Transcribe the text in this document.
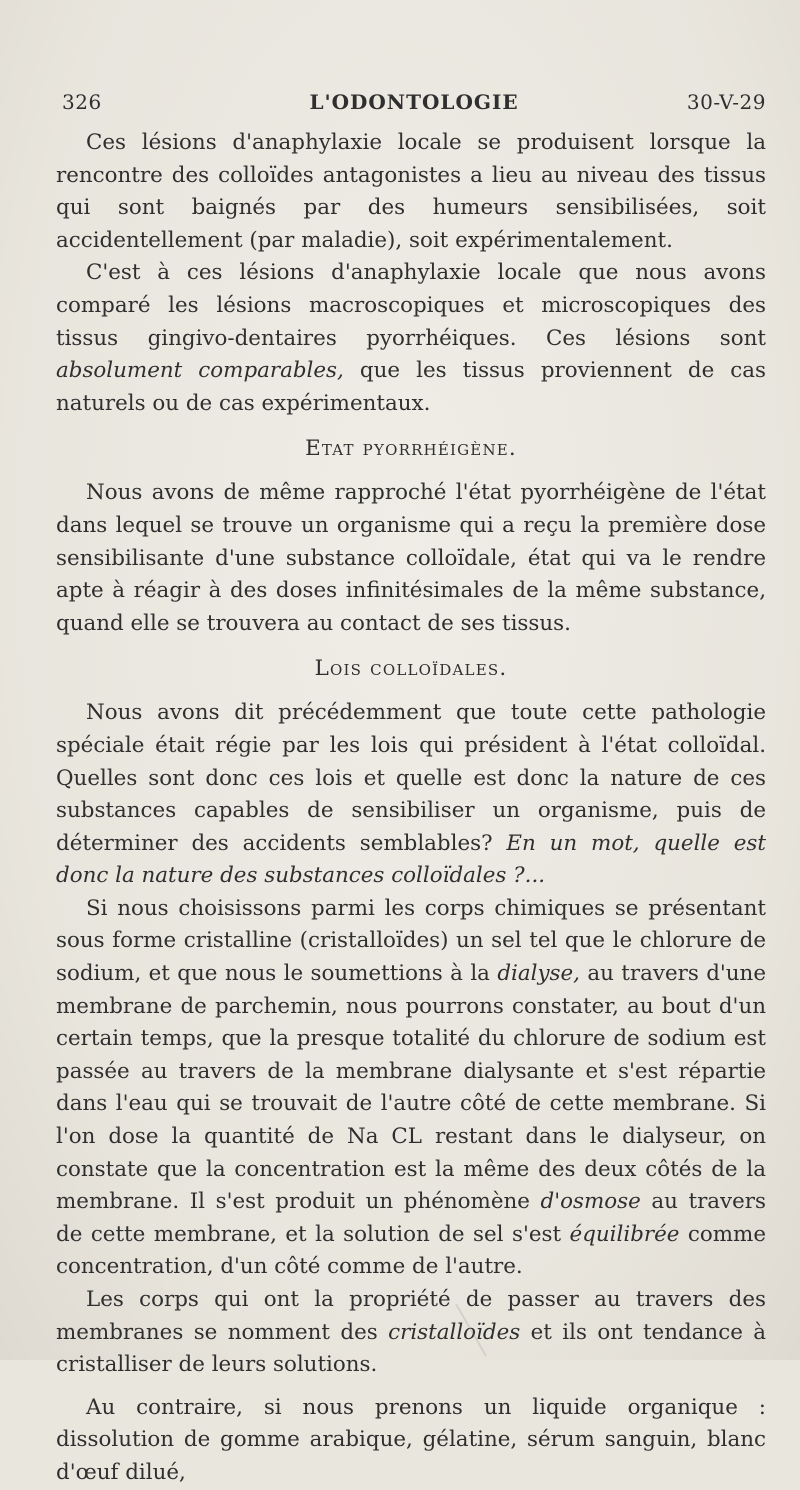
326	L'ODONTOLOGIE	30-V-29

Ces lésions d'anaphylaxie locale se produisent lorsque la rencontre des colloïdes antagonistes a lieu au niveau des tissus qui sont baignés par des humeurs sensibilisées, soit accidentellement (par maladie), soit expérimentalement.

C'est à ces lésions d'anaphylaxie locale que nous avons comparé les lésions macroscopiques et microscopiques des tissus gingivo-dentaires pyorrhéiques. Ces lésions sont absolument comparables, que les tissus proviennent de cas naturels ou de cas expérimentaux.

Etat pyorrhéigène.

Nous avons de même rapproché l'état pyorrhéigène de l'état dans lequel se trouve un organisme qui a reçu la première dose sensibilisante d'une substance colloïdale, état qui va le rendre apte à réagir à des doses infinitésimales de la même substance, quand elle se trouvera au contact de ses tissus.

Lois colloïdales.

Nous avons dit précédemment que toute cette pathologie spéciale était régie par les lois qui président à l'état colloïdal. Quelles sont donc ces lois et quelle est donc la nature de ces substances capables de sensibiliser un organisme, puis de déterminer des accidents semblables? En un mot, quelle est donc la nature des substances colloïdales ?...

Si nous choisissons parmi les corps chimiques se présentant sous forme cristalline (cristalloïdes) un sel tel que le chlorure de sodium, et que nous le soumettions à la dialyse, au travers d'une membrane de parchemin, nous pourrons constater, au bout d'un certain temps, que la presque totalité du chlorure de sodium est passée au travers de la membrane dialysante et s'est répartie dans l'eau qui se trouvait de l'autre côté de cette membrane. Si l'on dose la quantité de Na CL restant dans le dialyseur, on constate que la concentration est la même des deux côtés de la membrane. Il s'est produit un phénomène d'osmose au travers de cette membrane, et la solution de sel s'est équilibrée comme concentration, d'un côté comme de l'autre.

Les corps qui ont la propriété de passer au travers des membranes se nomment des cristalloïdes et ils ont tendance à cristalliser de leurs solutions.

Au contraire, si nous prenons un liquide organique : dissolution de gomme arabique, gélatine, sérum sanguin, blanc d'œuf dilué,
